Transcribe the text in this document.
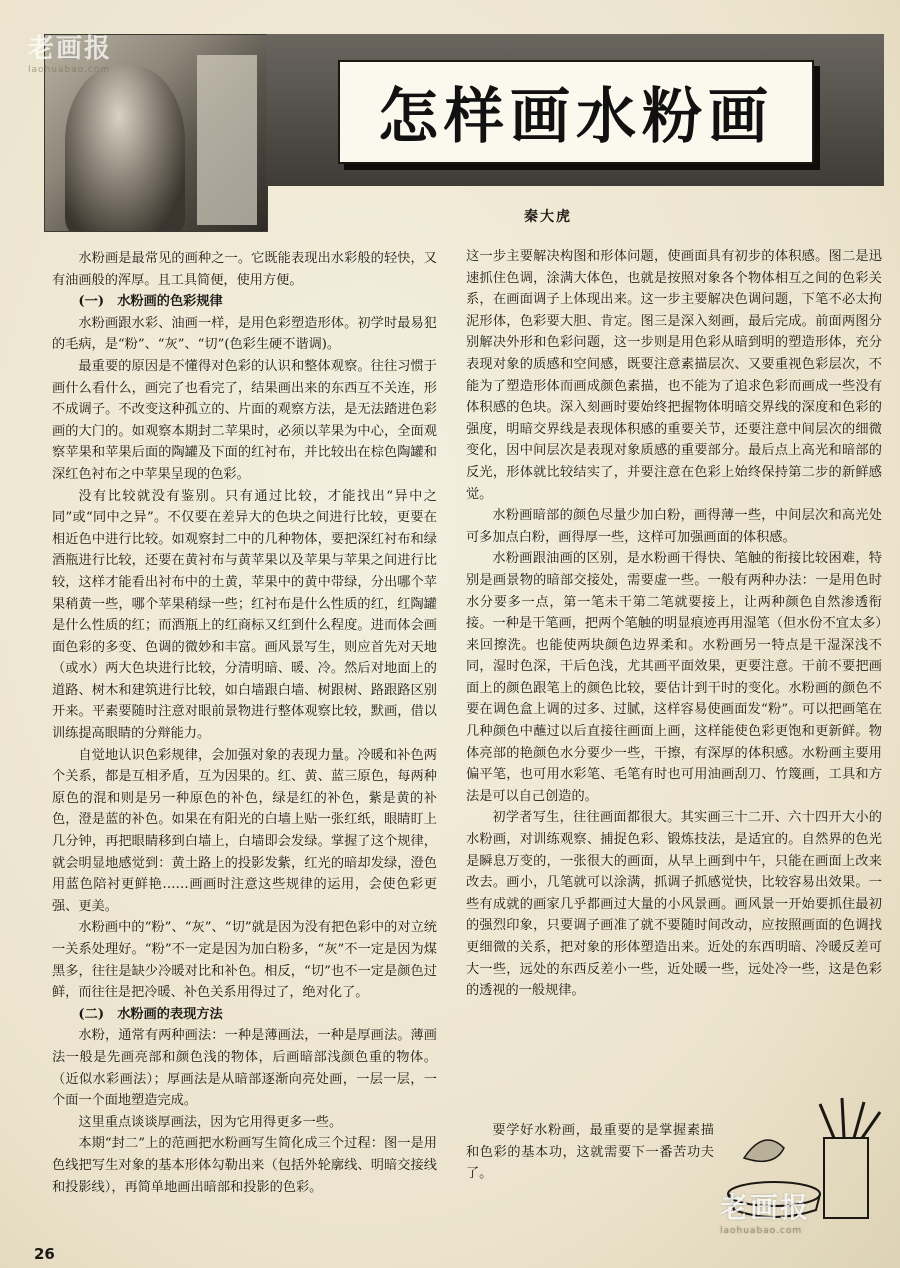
老画报
laohuabao.com
怎样画水粉画
秦大虎

水粉画是最常见的画种之一。它既能表现出水彩般的轻快，又有油画般的浑厚。且工具简便，使用方便。

(一)　水粉画的色彩规律

水粉画跟水彩、油画一样，是用色彩塑造形体。初学时最易犯的毛病，是“粉”、“灰”、“切”(色彩生硬不谐调)。

最重要的原因是不懂得对色彩的认识和整体观察。往往习惯于画什么看什么，画完了也看完了，结果画出来的东西互不关连，形不成调子。不改变这种孤立的、片面的观察方法，是无法踏进色彩画的大门的。如观察本期封二苹果时，必须以苹果为中心，全面观察苹果和苹果后面的陶罐及下面的红衬布，并比较出在棕色陶罐和深红色衬布之中苹果呈现的色彩。

没有比较就没有鉴别。只有通过比较，才能找出“异中之同”或“同中之异”。不仅要在差异大的色块之间进行比较，更要在相近色中进行比较。如观察封二中的几种物体，要把深红衬布和绿酒瓶进行比较，还要在黄衬布与黄苹果以及苹果与苹果之间进行比较，这样才能看出衬布中的土黄，苹果中的黄中带绿，分出哪个苹果稍黄一些，哪个苹果稍绿一些；红衬布是什么性质的红，红陶罐是什么性质的红；而酒瓶上的红商标又红到什么程度。进而体会画面色彩的多变、色调的微妙和丰富。画风景写生，则应首先对天地（或水）两大色块进行比较，分清明暗、暖、冷。然后对地面上的道路、树木和建筑进行比较，如白墙跟白墙、树跟树、路跟路区别开来。平素要随时注意对眼前景物进行整体观察比较，默画，借以训练提高眼睛的分辩能力。

自觉地认识色彩规律，会加强对象的表现力量。冷暖和补色两个关系，都是互相矛盾，互为因果的。红、黄、蓝三原色，每两种原色的混和则是另一种原色的补色，绿是红的补色，紫是黄的补色，澄是蓝的补色。如果在有阳光的白墙上贴一张红纸，眼睛盯上几分钟，再把眼睛移到白墙上，白墙即会发绿。掌握了这个规律，就会明显地感觉到：黄土路上的投影发紫，红光的暗却发绿，澄色用蓝色陪衬更鲜艳……画画时注意这些规律的运用，会使色彩更强、更美。

水粉画中的“粉”、“灰”、“切”就是因为没有把色彩中的对立统一关系处理好。“粉”不一定是因为加白粉多，“灰”不一定是因为煤黑多，往往是缺少冷暖对比和补色。相反，“切”也不一定是颜色过鲜，而往往是把冷暖、补色关系用得过了，绝对化了。

(二)　水粉画的表现方法

水粉，通常有两种画法：一种是薄画法，一种是厚画法。薄画法一般是先画亮部和颜色浅的物体，后画暗部浅颜色重的物体。（近似水彩画法）；厚画法是从暗部逐渐向亮处画，一层一层，一个面一个面地塑造完成。

这里重点谈谈厚画法，因为它用得更多一些。

本期“封二”上的范画把水粉画写生简化成三个过程：图一是用色线把写生对象的基本形体勾勒出来（包括外轮廓线、明暗交接线和投影线），再简单地画出暗部和投影的色彩。

这一步主要解决构图和形体问题，使画面具有初步的体积感。图二是迅速抓住色调，涂满大体色，也就是按照对象各个物体相互之间的色彩关系，在画面调子上体现出来。这一步主要解决色调问题，下笔不必太拘泥形体，色彩要大胆、肯定。图三是深入刻画，最后完成。前面两图分别解决外形和色彩问题，这一步则是用色彩从暗到明的塑造形体，充分表现对象的质感和空间感，既要注意素描层次、又要重视色彩层次，不能为了塑造形体而画成颜色素描，也不能为了追求色彩而画成一些没有体积感的色块。深入刻画时要始终把握物体明暗交界线的深度和色彩的强度，明暗交界线是表现体积感的重要关节，还要注意中间层次的细微变化，因中间层次是表现对象质感的重要部分。最后点上高光和暗部的反光，形体就比较结实了，并要注意在色彩上始终保持第二步的新鲜感觉。

水粉画暗部的颜色尽量少加白粉，画得薄一些，中间层次和高光处可多加点白粉，画得厚一些，这样可加强画面的体积感。

水粉画跟油画的区别，是水粉画干得快、笔触的衔接比较困难，特别是画景物的暗部交接处，需要虚一些。一般有两种办法：一是用色时水分要多一点，第一笔未干第二笔就要接上，让两种颜色自然渗透衔接。一种是干笔画，把两个笔触的明显痕迹再用湿笔（但水份不宜太多）来回擦洗。也能使两块颜色边界柔和。水粉画另一特点是干湿深浅不同，湿时色深，干后色浅，尤其画平面效果，更要注意。干前不要把画面上的颜色跟笔上的颜色比较，要估计到干时的变化。水粉画的颜色不要在调色盒上调的过多、过腻，这样容易使画面发“粉”。可以把画笔在几种颜色中蘸过以后直接往画面上画，这样能使色彩更饱和更新鲜。物体亮部的艳颜色水分要少一些，干擦，有深厚的体积感。水粉画主要用偏平笔，也可用水彩笔、毛笔有时也可用油画刮刀、竹篾画，工具和方法是可以自己创造的。

初学者写生，往往画面都很大。其实画三十二开、六十四开大小的水粉画，对训练观察、捕捉色彩、锻炼技法，是适宜的。自然界的色光是瞬息万变的，一张很大的画面，从早上画到中午，只能在画面上改来改去。画小，几笔就可以涂满，抓调子抓感觉快，比较容易出效果。一些有成就的画家几乎都画过大量的小风景画。画风景一开始要抓住最初的强烈印象，只要调子画准了就不要随时间改动，应按照画面的色调找更细微的关系，把对象的形体塑造出来。近处的东西明暗、冷暖反差可大一些，远处的东西反差小一些，近处暖一些，远处冷一些，这是色彩的透视的一般规律。

要学好水粉画，最重要的是掌握素描和色彩的基本功，这就需要下一番苦功夫了。

老画报
laohuabao.com
26
